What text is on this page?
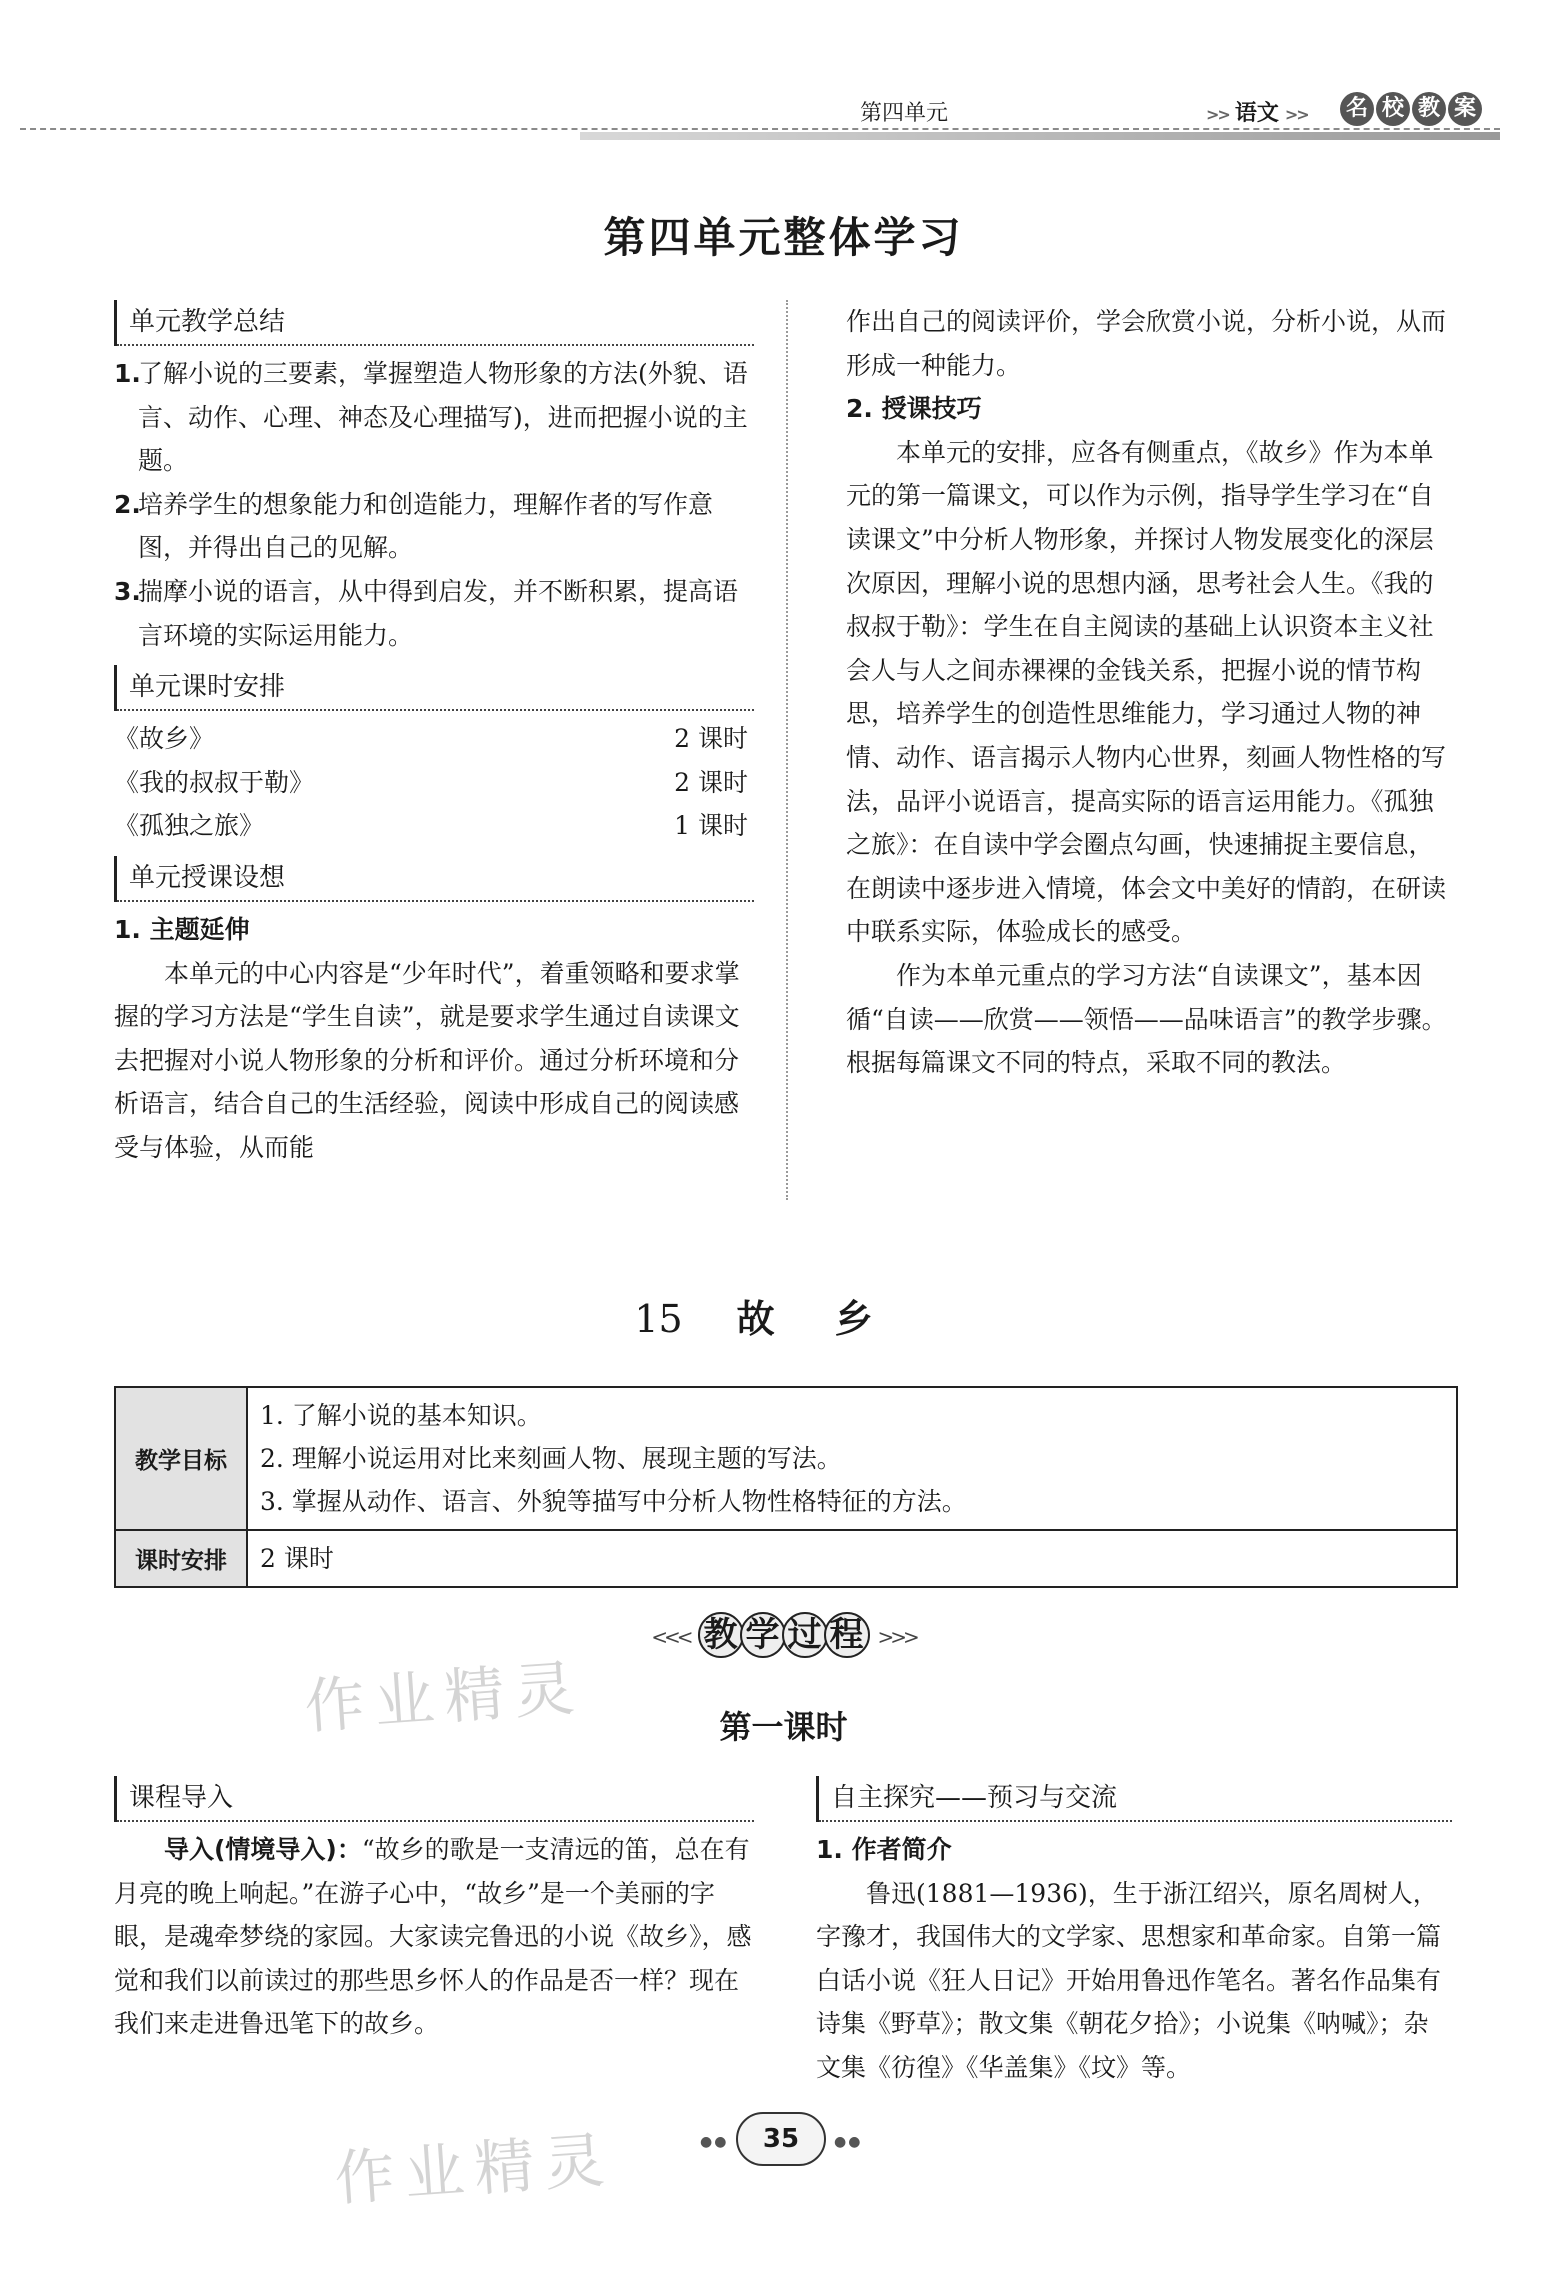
第四单元	>> 语文 >> 名 校 教 案
第四单元整体学习
单元教学总结
1.
了解小说的三要素，掌握塑造人物形象的方法(外貌、语言、动作、心理、神态及心理描写)，进而把握小说的主题。
2.
培养学生的想象能力和创造能力，理解作者的写作意图，并得出自己的见解。
3.
揣摩小说的语言，从中得到启发，并不断积累，提高语言环境的实际运用能力。
单元课时安排
《故乡》	2 课时
《我的叔叔于勒》	2 课时
《孤独之旅》	1 课时
单元授课设想
1. 主题延伸
本单元的中心内容是“少年时代”，着重领略和要求掌握的学习方法是“学生自读”，就是要求学生通过自读课文去把握对小说人物形象的分析和评价。通过分析环境和分析语言，结合自己的生活经验，阅读中形成自己的阅读感受与体验，从而能
作出自己的阅读评价，学会欣赏小说，分析小说，从而形成一种能力。
2. 授课技巧
本单元的安排，应各有侧重点，《故乡》作为本单元的第一篇课文，可以作为示例，指导学生学习在“自读课文”中分析人物形象，并探讨人物发展变化的深层次原因，理解小说的思想内涵，思考社会人生。《我的叔叔于勒》：学生在自主阅读的基础上认识资本主义社会人与人之间赤裸裸的金钱关系，把握小说的情节构思，培养学生的创造性思维能力，学习通过人物的神情、动作、语言揭示人物内心世界，刻画人物性格的写法，品评小说语言，提高实际的语言运用能力。《孤独之旅》：在自读中学会圈点勾画，快速捕捉主要信息，在朗读中逐步进入情境，体会文中美好的情韵，在研读中联系实际，体验成长的感受。
作为本单元重点的学习方法“自读课文”，基本因循“自读——欣赏——领悟——品味语言”的教学步骤。根据每篇课文不同的特点，采取不同的教法。
15 故乡
教学目标	1. 了解小说的基本知识。
2. 理解小说运用对比来刻画人物、展现主题的写法。
3. 掌握从动作、语言、外貌等描写中分析人物性格特征的方法。

课时安排	2 课时
<<< 教 学 过 程 >>>
第一课时
作业精灵
课程导入
导入(情境导入)：“故乡的歌是一支清远的笛，总在有月亮的晚上响起。”在游子心中，“故乡”是一个美丽的字眼，是魂牵梦绕的家园。大家读完鲁迅的小说《故乡》，感觉和我们以前读过的那些思乡怀人的作品是否一样？现在我们来走进鲁迅笔下的故乡。
自主探究——预习与交流
1. 作者简介
鲁迅(1881—1936)，生于浙江绍兴，原名周树人，字豫才，我国伟大的文学家、思想家和革命家。自第一篇白话小说《狂人日记》开始用鲁迅作笔名。著名作品集有诗集《野草》；散文集《朝花夕拾》；小说集《呐喊》；杂文集《彷徨》《华盖集》《坟》等。
作业精灵	●●	35	●●
